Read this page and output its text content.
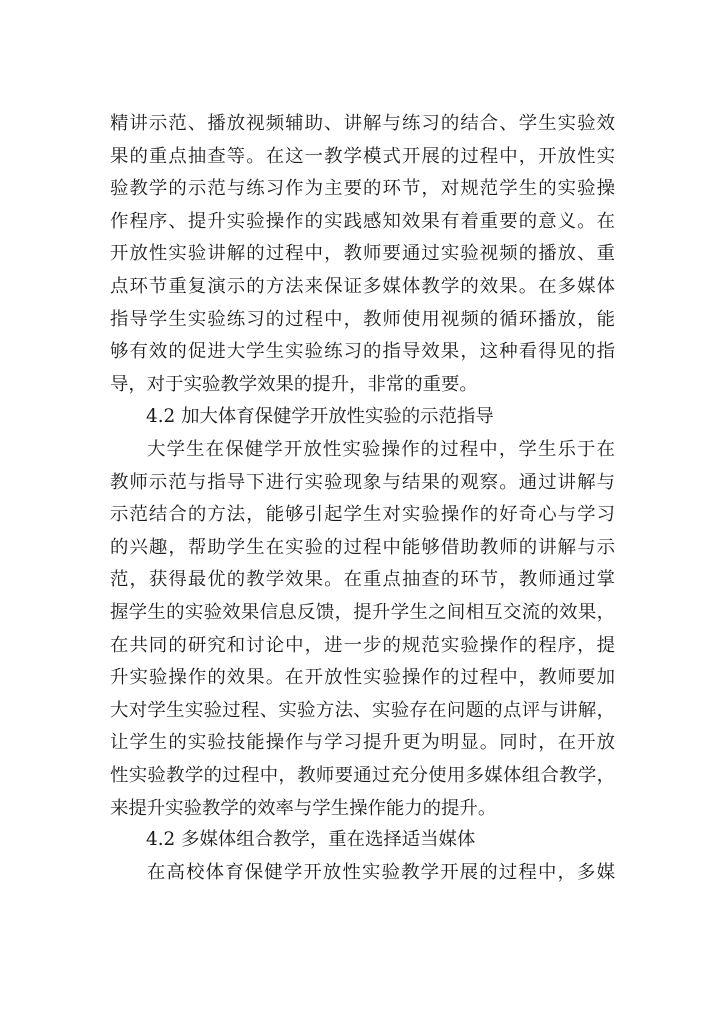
精讲示范、播放视频辅助、讲解与练习的结合、学生实验效
果的重点抽查等。在这一教学模式开展的过程中，开放性实
验教学的示范与练习作为主要的环节，对规范学生的实验操
作程序、提升实验操作的实践感知效果有着重要的意义。在
开放性实验讲解的过程中，教师要通过实验视频的播放、重
点环节重复演示的方法来保证多媒体教学的效果。在多媒体
指导学生实验练习的过程中，教师使用视频的循环播放，能
够有效的促进大学生实验练习的指导效果，这种看得见的指
导，对于实验教学效果的提升，非常的重要。
4.2 加大体育保健学开放性实验的示范指导
大学生在保健学开放性实验操作的过程中，学生乐于在
教师示范与指导下进行实验现象与结果的观察。通过讲解与
示范结合的方法，能够引起学生对实验操作的好奇心与学习
的兴趣，帮助学生在实验的过程中能够借助教师的讲解与示
范，获得最优的教学效果。在重点抽查的环节，教师通过掌
握学生的实验效果信息反馈，提升学生之间相互交流的效果，
在共同的研究和讨论中，进一步的规范实验操作的程序，提
升实验操作的效果。在开放性实验操作的过程中，教师要加
大对学生实验过程、实验方法、实验存在问题的点评与讲解，
让学生的实验技能操作与学习提升更为明显。同时，在开放
性实验教学的过程中，教师要通过充分使用多媒体组合教学，
来提升实验教学的效率与学生操作能力的提升。
4.2 多媒体组合教学，重在选择适当媒体
在高校体育保健学开放性实验教学开展的过程中，多媒
